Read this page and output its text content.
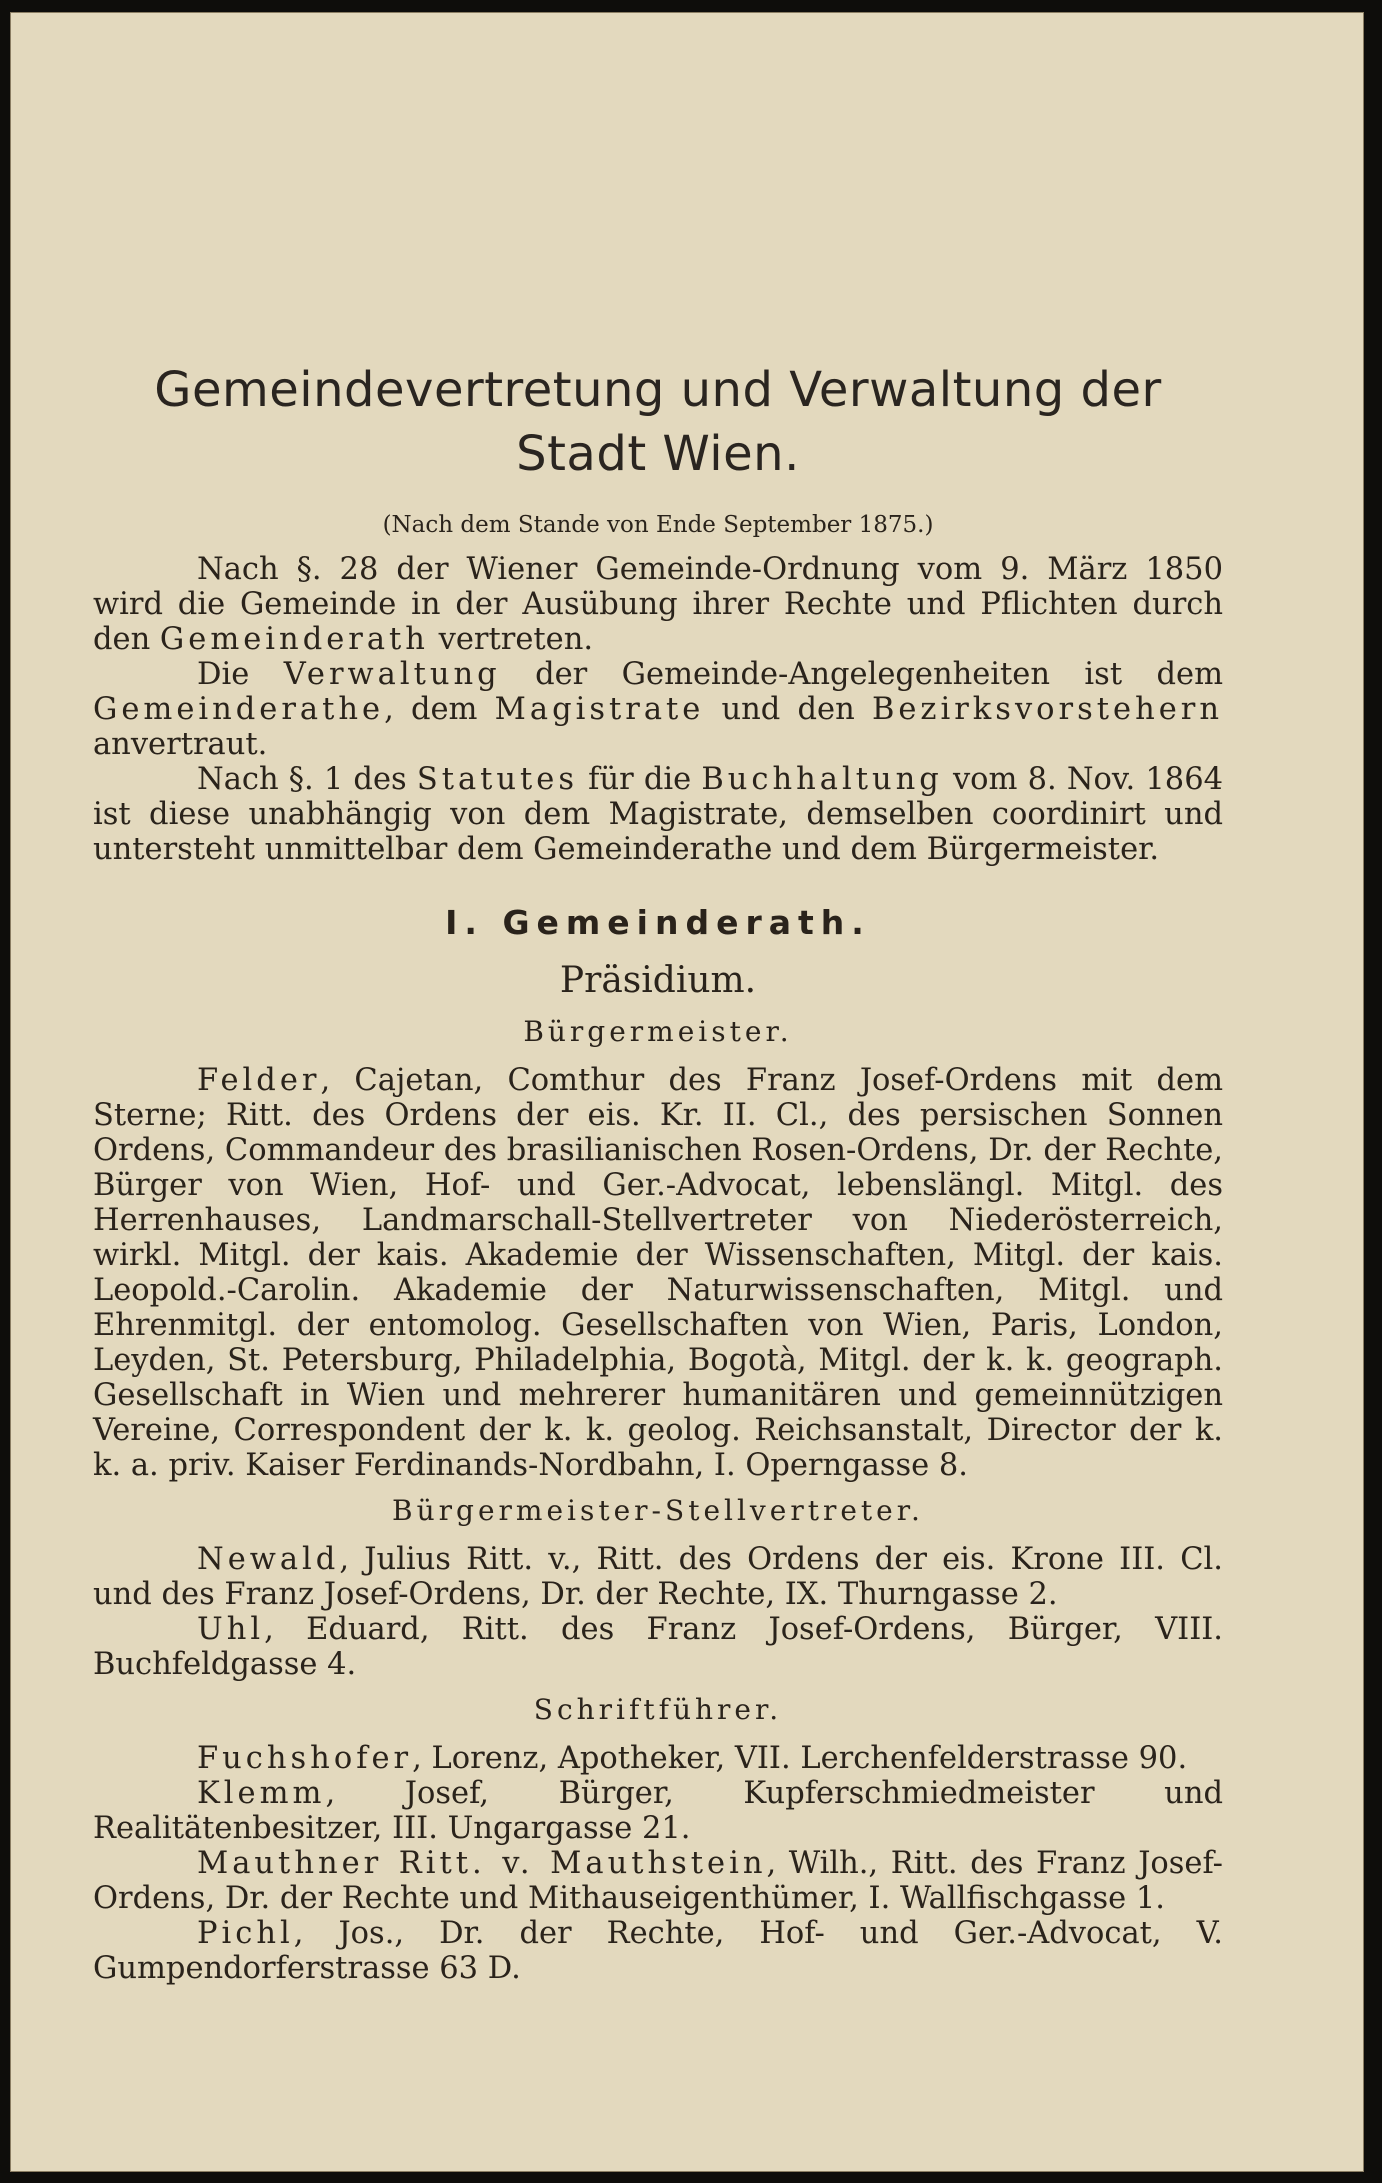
Gemeindevertretung und Verwaltung der Stadt Wien.
(Nach dem Stande von Ende September 1875.)

Nach §. 28 der Wiener Gemeinde-Ordnung vom 9. März 1850 wird die Gemeinde in der Ausübung ihrer Rechte und Pflichten durch den Gemeinderath vertreten.

Die Verwaltung der Gemeinde-Angelegenheiten ist dem Gemeinderathe, dem Magistrate und den Bezirksvorstehern anvertraut.

Nach §. 1 des Statutes für die Buchhaltung vom 8. Nov. 1864 ist diese unabhängig von dem Magistrate, demselben coordinirt und untersteht unmittelbar dem Gemeinderathe und dem Bürgermeister.

I. Gemeinderath.
Präsidium.
Bürgermeister.

Felder, Cajetan, Comthur des Franz Josef-Ordens mit dem Sterne; Ritt. des Ordens der eis. Kr. II. Cl., des persischen Sonnen Ordens, Commandeur des brasilianischen Rosen-Ordens, Dr. der Rechte, Bürger von Wien, Hof- und Ger.-Advocat, lebenslängl. Mitgl. des Herrenhauses, Landmarschall-Stellvertreter von Niederösterreich, wirkl. Mitgl. der kais. Akademie der Wissenschaften, Mitgl. der kais. Leopold.-Carolin. Akademie der Naturwissenschaften, Mitgl. und Ehrenmitgl. der entomolog. Gesellschaften von Wien, Paris, London, Leyden, St. Petersburg, Philadelphia, Bogotà, Mitgl. der k. k. geograph. Gesellschaft in Wien und mehrerer humanitären und gemeinnützigen Vereine, Correspondent der k. k. geolog. Reichsanstalt, Director der k. k. a. priv. Kaiser Ferdinands-Nordbahn, I. Operngasse 8.

Bürgermeister-Stellvertreter.

Newald, Julius Ritt. v., Ritt. des Ordens der eis. Krone III. Cl. und des Franz Josef-Ordens, Dr. der Rechte, IX. Thurngasse 2.

Uhl, Eduard, Ritt. des Franz Josef-Ordens, Bürger, VIII. Buchfeldgasse 4.

Schriftführer.

Fuchshofer, Lorenz, Apotheker, VII. Lerchenfelderstrasse 90.

Klemm, Josef, Bürger, Kupferschmiedmeister und Realitätenbesitzer, III. Ungargasse 21.

Mauthner Ritt. v. Mauthstein, Wilh., Ritt. des Franz Josef-Ordens, Dr. der Rechte und Mithauseigenthümer, I. Wallfischgasse 1.

Pichl, Jos., Dr. der Rechte, Hof- und Ger.-Advocat, V. Gumpendorferstrasse 63 D.
